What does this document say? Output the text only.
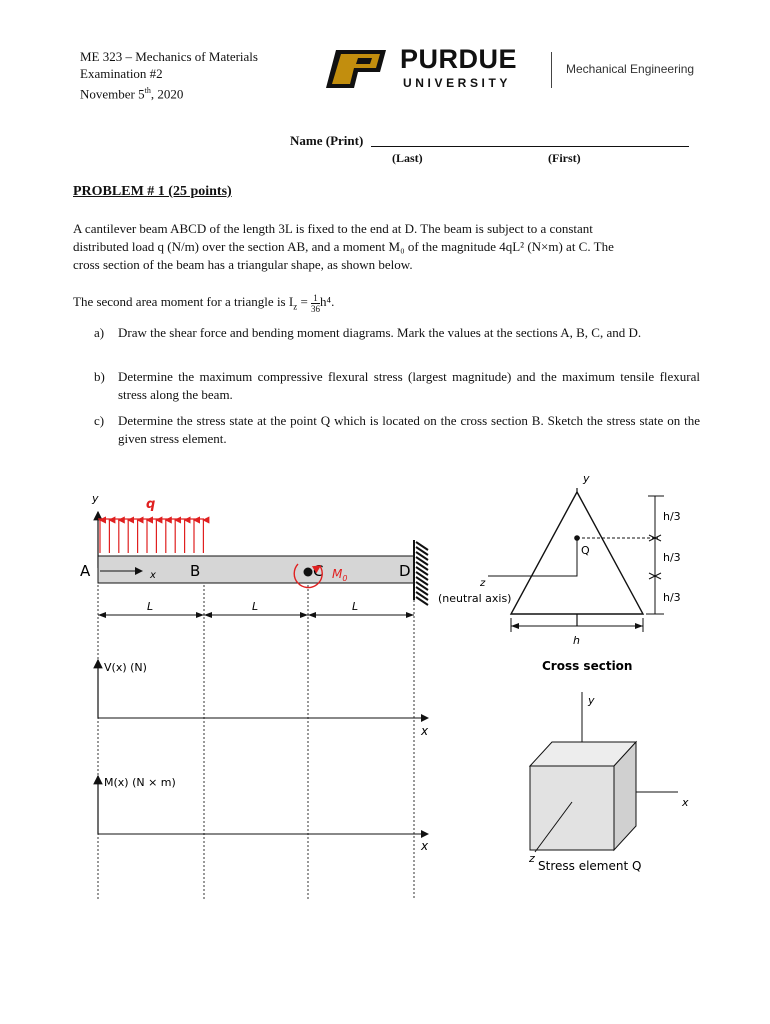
ME 323 – Mechanics of Materials
Examination #2
November 5th, 2020
PURDUE
UNIVERSITY
Mechanical Engineering
Name (Print)
(Last)	(First)
PROBLEM # 1 (25 points)
A cantilever beam ABCD of the length 3L is fixed to the end at D. The beam is subject to a constant
distributed load q (N/m) over the section AB, and a moment M₀ of the magnitude 4qL² (N×m) at C. The
cross section of the beam has a triangular shape, as shown below.
The second area moment for a triangle is $I_z = \frac{1}{36} h^4$.
a) Draw the shear force and bending moment diagrams. Mark the values at the sections A, B, C, and D.
b) Determine the maximum compressive flexural stress (largest magnitude) and the maximum tensile flexural stress along the beam.
c) Determine the stress state at the point Q which is located on the cross section B. Sketch the stress state on the given stress element.
y	q
A	x B	C $M_0$	D
L	L	L
V(x) (N)
x
M(x) (N × m)
x
y
Q
z
(neutral axis)
h/3
h/3
h/3
h
Cross section
y
x
z
Stress element Q
